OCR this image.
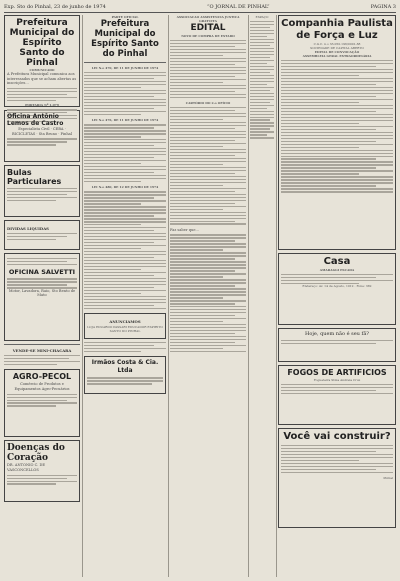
Exp. Sto do Pinhal, 23 de junho de 1974	“O JORNAL DE PINHAL”	PAGINA 3
Prefeitura Municipal do Espírito Santo do Pinhal
COMUNICADO
A Prefeitura Municipal comunica aos interessados que se acham abertas as inscrições...
PORTARIA Nº 1.079
Oficina Antônio Lemos de Castro
Especialista Civil · CEBA · BICICLETAS · Sta Bruno · Pinhal
Bulas Particulares
DIVIDAS LIQUIDAS
OFICINA SALVETTI
Motor, Lavadora, Raio, Sto Bento de Mato
VENDE-SE MINI-CHACARA
AGRO-PECOL
Comércio de Produtos e Equipamentos Agro-Pecuários
Doenças do Coração
DR. ANTONIO C. DE VASCONCELLOS
PARTE OFICIAL
Prefeitura Municipal do Espírito Santo do Pinhal
LEI N.o 470, DE 11 DE JUNHO DE 1974
LEI N.o 476, DE 11 DE JUNHO DE 1974
LEI N.o 480, DE 12 DE JUNHO DE 1974
ANUNCIAMOS
LOJA EDUARDO PASSARI EDUCADOR ESPIRITO SANTO DO PINHAL
Irmãos Costa & Cia. Ltda
ASSOCIACAO ASSISTENCIA JUSTICA GRATUITA
EDITAL
NOVO DE COMPRA DE ESTADO
CARTÓRIO DO 2.o OFÍCIO
Faz saber que...
ESPAÇO
Companhia Paulista de Força e Luz
C.G.C. n.o 33.050.196/0001-88
SOCIEDADE DE CAPITAL ABERTO
EDITAL DE CONVOCAÇÃO
ASSEMBLEIA GERAL EXTRAORDINÁRIA
Casa
AMARAGGI ESCADA
Endereço: Av. 14 de Agosto, 1012 · Fone: 382
Hoje, quem não é seu fã?
FOGOS DE ARTIFICIOS
Fogueteira Stma Andreia Cruz
Você vai construir?
Pinhal
